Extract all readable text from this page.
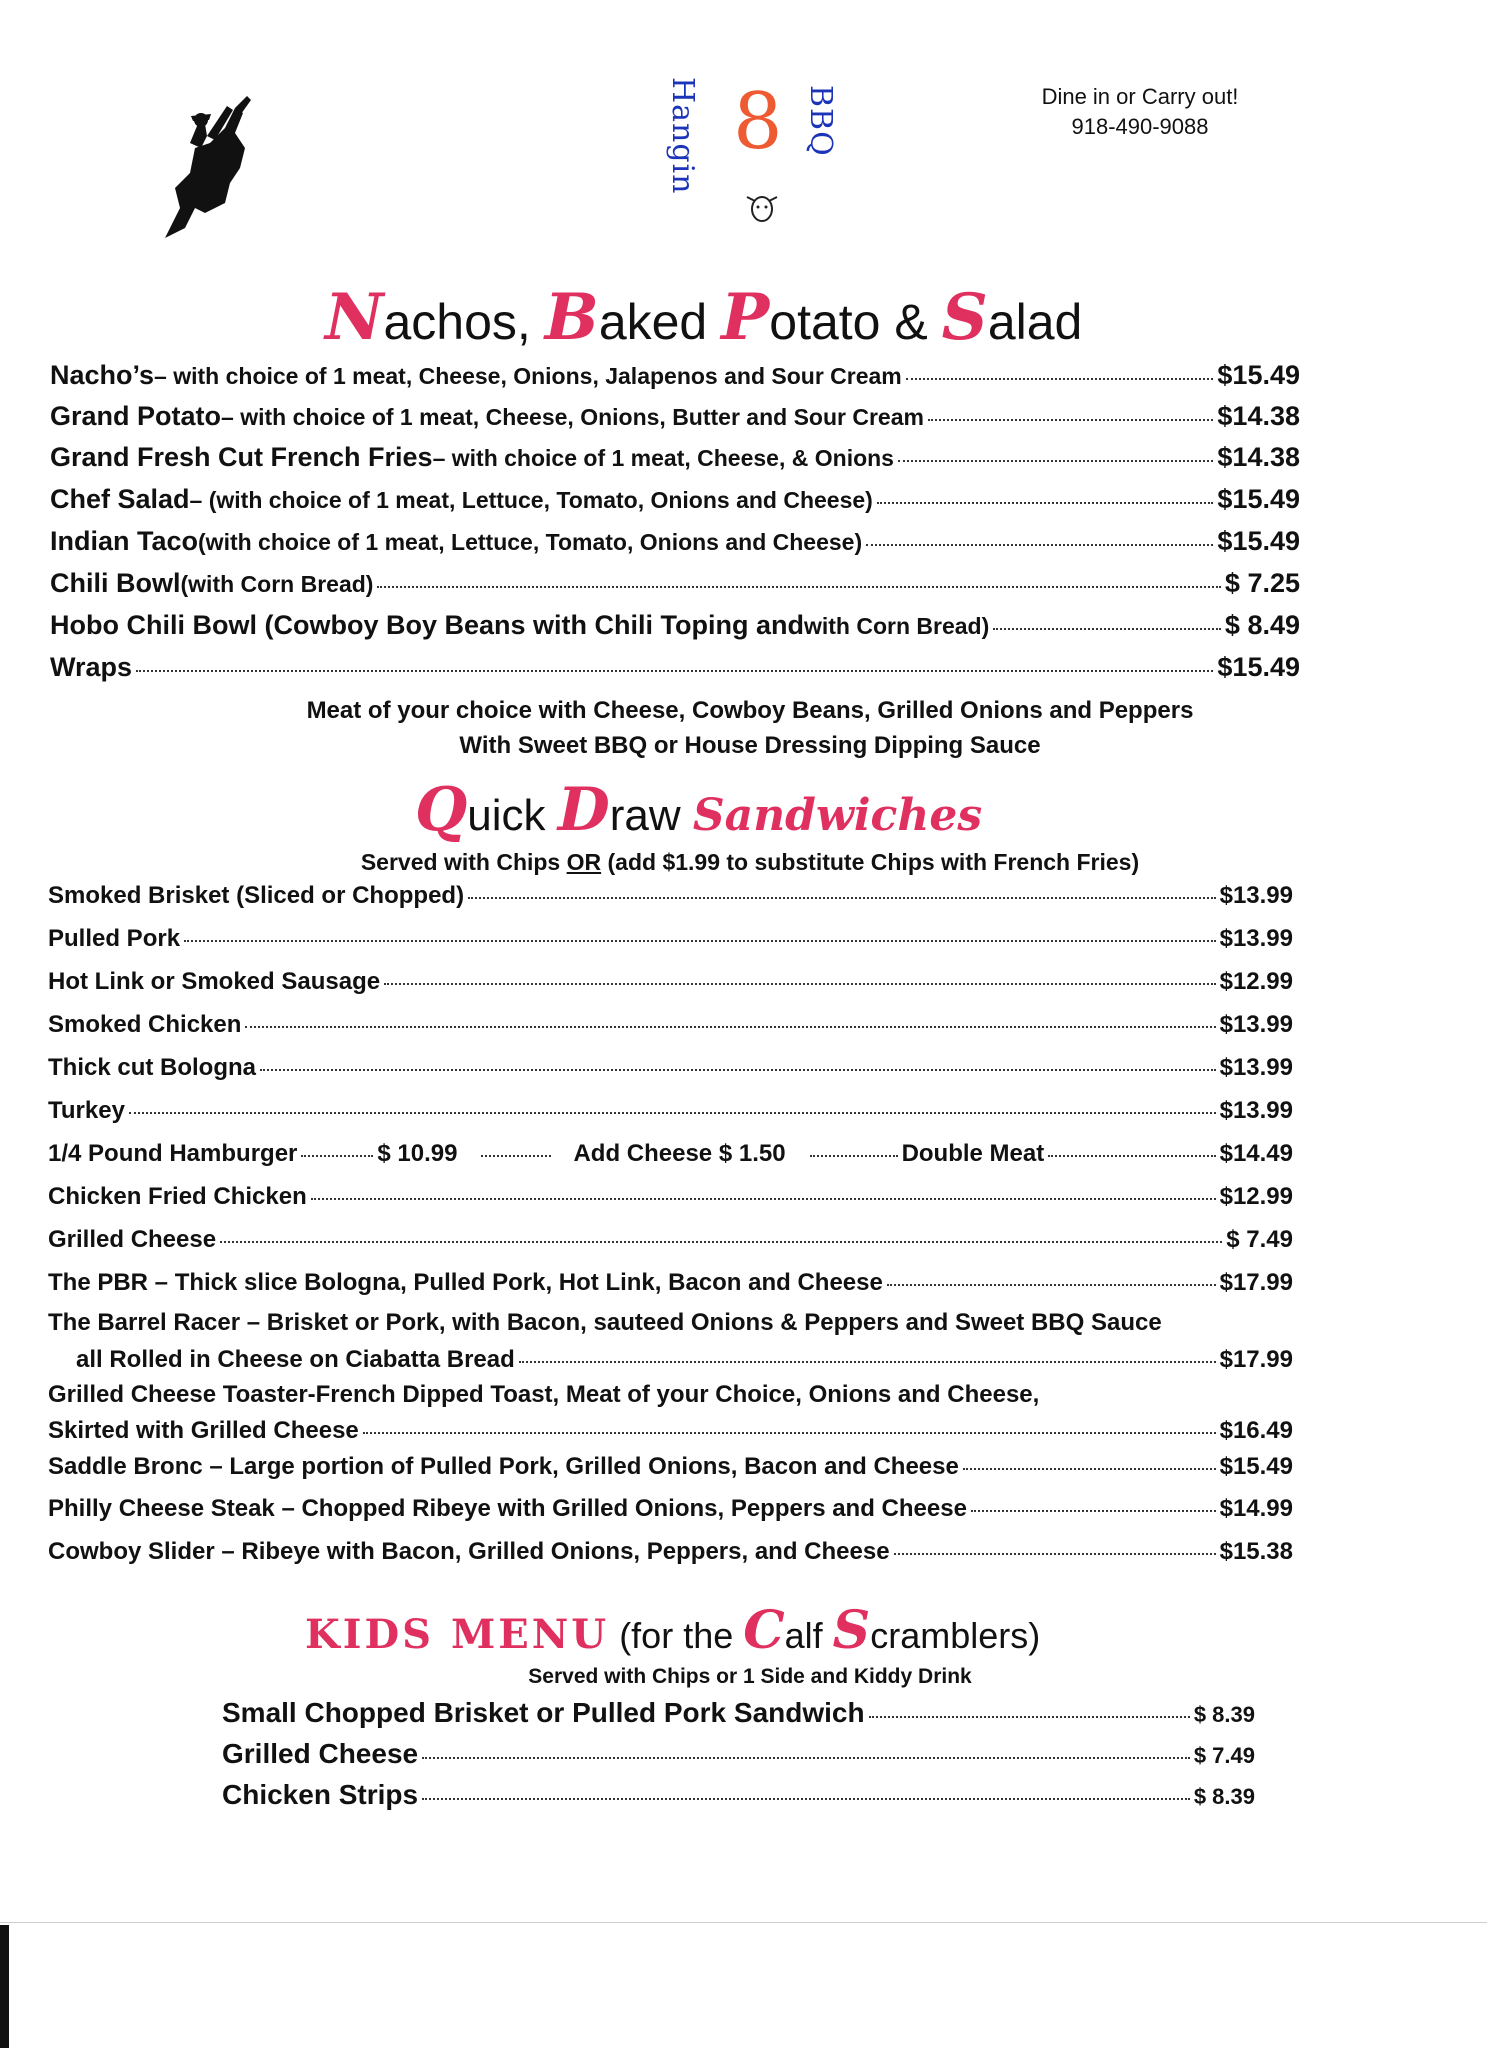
Hangin 8 BBQ	Dine in or Carry out!
918-490-9088
Nachos, Baked Potato & Salad
Nacho’s – with choice of 1 meat, Cheese, Onions, Jalapenos and Sour Cream	$15.49
Grand Potato – with choice of 1 meat, Cheese, Onions, Butter and Sour Cream	$14.38
Grand Fresh Cut French Fries – with choice of 1 meat, Cheese, & Onions	$14.38
Chef Salad – (with choice of 1 meat, Lettuce, Tomato, Onions and Cheese)	$15.49
Indian Taco (with choice of 1 meat, Lettuce, Tomato, Onions and Cheese)	$15.49
Chili Bowl (with Corn Bread)	$ 7.25
Hobo Chili Bowl (Cowboy Boy Beans with Chili Toping and with Corn Bread)	$ 8.49
Wraps	$15.49
Meat of your choice with Cheese, Cowboy Beans, Grilled Onions and Peppers
With Sweet BBQ or House Dressing Dipping Sauce
Quick Draw Sandwiches
Served with Chips OR (add $1.99 to substitute Chips with French Fries)
Smoked Brisket (Sliced or Chopped)	$13.99
Pulled Pork	$13.99
Hot Link or Smoked Sausage	$12.99
Smoked Chicken	$13.99
Thick cut Bologna	$13.99
Turkey	$13.99
1/4 Pound Hamburger	$ 10.99	Add Cheese $ 1.50	Double Meat	$14.49
Chicken Fried Chicken	$12.99
Grilled Cheese	$ 7.49
The PBR – Thick slice Bologna, Pulled Pork, Hot Link, Bacon and Cheese	$17.99
The Barrel Racer – Brisket or Pork, with Bacon, sauteed Onions & Peppers and Sweet BBQ Sauce
all Rolled in Cheese on Ciabatta Bread	$17.99
Grilled Cheese Toaster-French Dipped Toast, Meat of your Choice, Onions and Cheese,
Skirted with Grilled Cheese	$16.49
Saddle Bronc – Large portion of Pulled Pork, Grilled Onions, Bacon and Cheese	$15.49
Philly Cheese Steak – Chopped Ribeye with Grilled Onions, Peppers and Cheese	$14.99
Cowboy Slider – Ribeye with Bacon, Grilled Onions, Peppers, and Cheese	$15.38
KIDS MENU (for the Calf Scramblers)
Served with Chips or 1 Side and Kiddy Drink
Small Chopped Brisket or Pulled Pork Sandwich	$ 8.39
Grilled Cheese	$ 7.49
Chicken Strips	$ 8.39
